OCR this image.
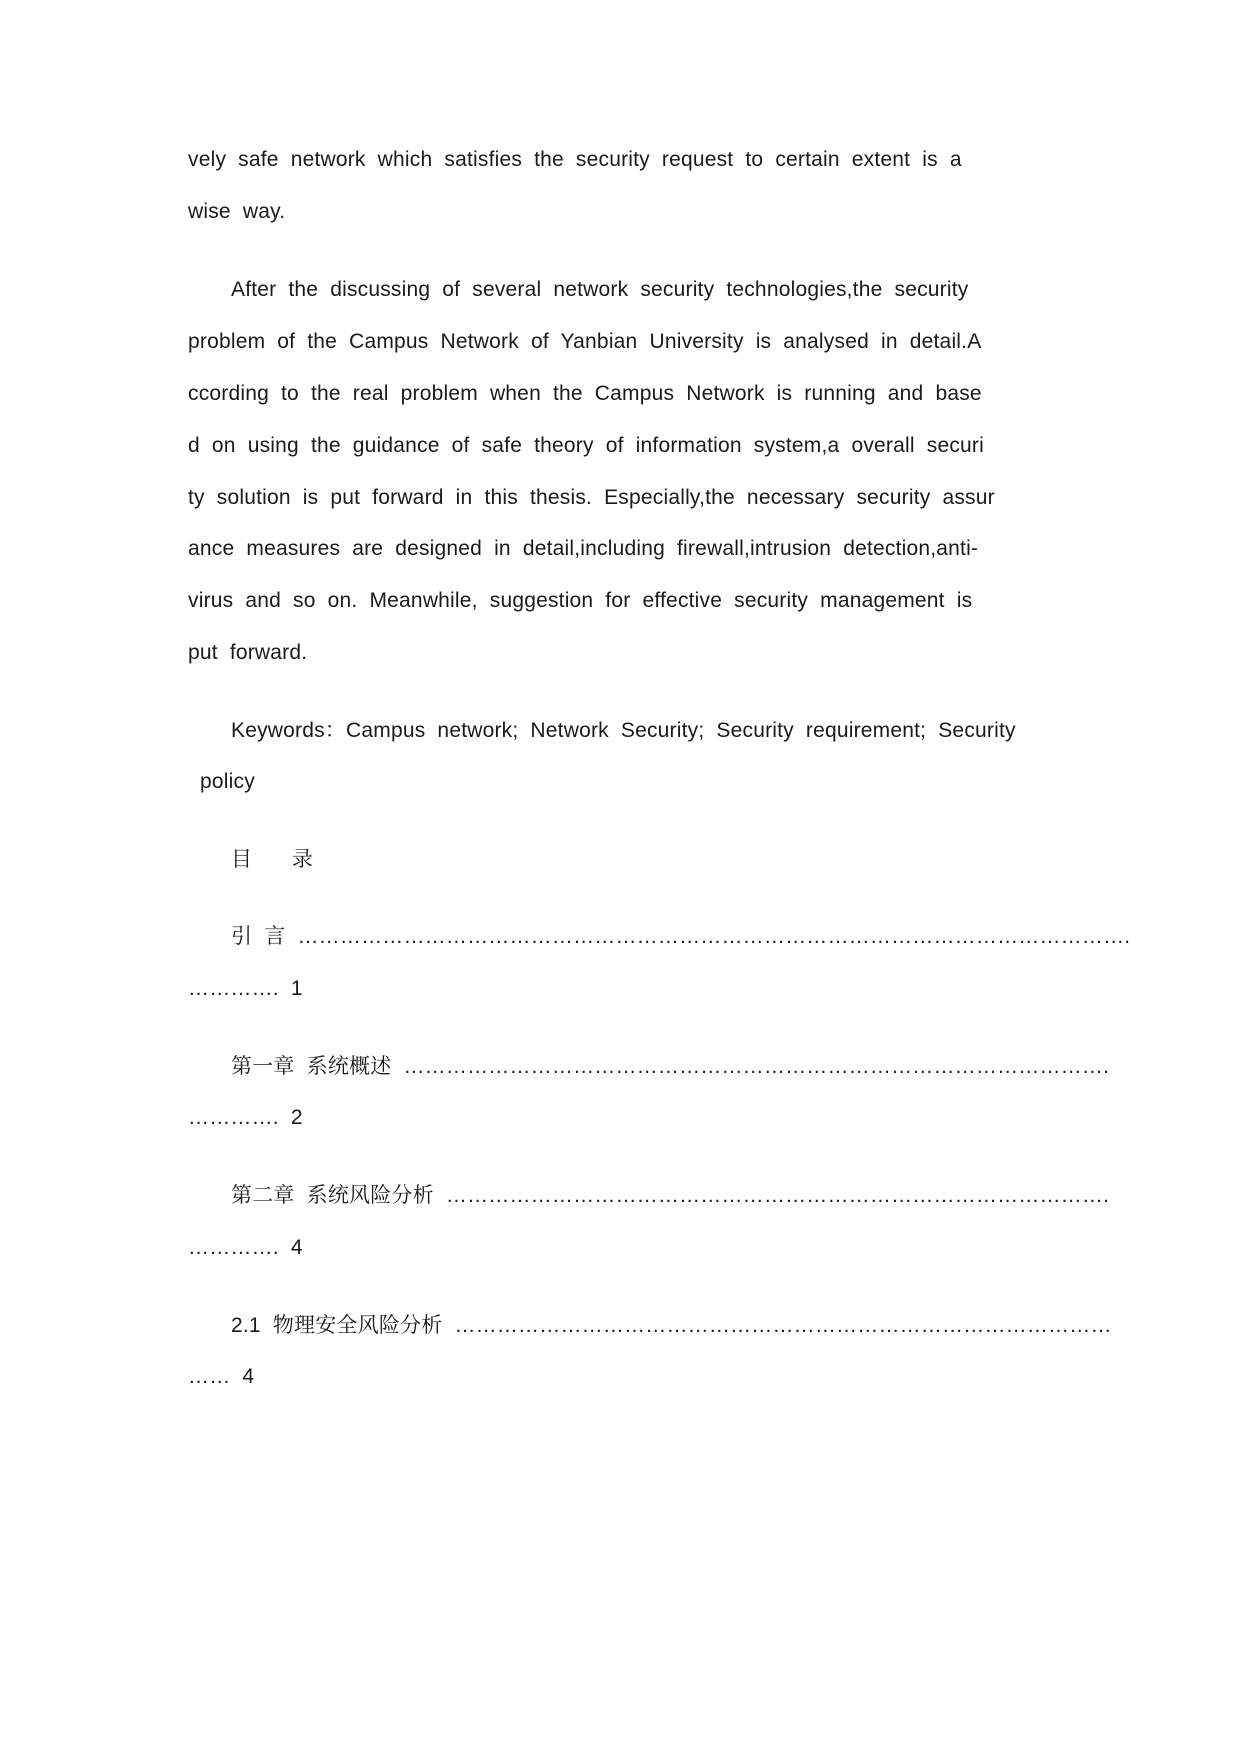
vely safe network which satisfies the security request to certain extent is a
wise way.
After the discussing of several network security technologies,the security
problem of the Campus Network of Yanbian University is analysed in detail.A
ccording to the real problem when the Campus Network is running and base
d on using the guidance of safe theory of information system,a overall securi
ty solution is put forward in this thesis. Especially,the necessary security assur
ance measures are designed in detail,including firewall,intrusion detection,anti-
virus and so on. Meanwhile, suggestion for effective security management is
put forward.
Keywords：Campus network; Network Security; Security requirement; Security
policy
目 录
引 言 ……………………………………………………………………………………………………….
…………. 1
第一章 系统概述 ……………………………………………………………………………………….
…………. 2
第二章 系统风险分析 ………………………………………………………………………………….
…………. 4
2.1 物理安全风险分析 …………………………………………………………………………………
…… 4
